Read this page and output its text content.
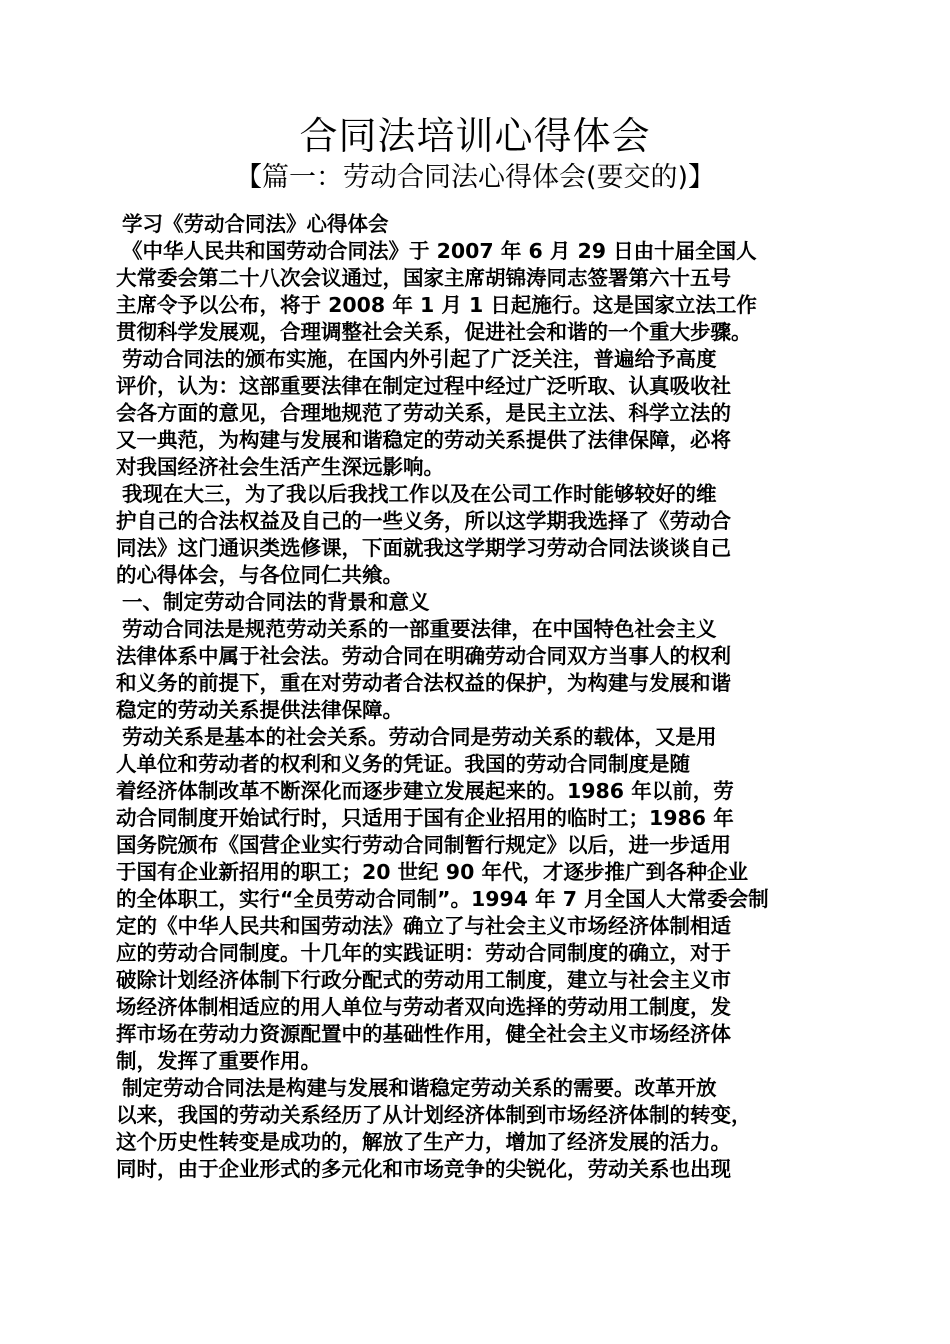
合同法培训心得体会
【篇一：劳动合同法心得体会(要交的)】
学习《劳动合同法》心得体会
《中华人民共和国劳动合同法》于 2007 年 6 月 29 日由十届全国人
大常委会第二十八次会议通过，国家主席胡锦涛同志签署第六十五号
主席令予以公布，将于 2008 年 1 月 1 日起施行。这是国家立法工作
贯彻科学发展观，合理调整社会关系，促进社会和谐的一个重大步骤。
劳动合同法的颁布实施，在国内外引起了广泛关注，普遍给予高度
评价，认为：这部重要法律在制定过程中经过广泛听取、认真吸收社
会各方面的意见，合理地规范了劳动关系，是民主立法、科学立法的
又一典范，为构建与发展和谐稳定的劳动关系提供了法律保障，必将
对我国经济社会生活产生深远影响。
我现在大三，为了我以后我找工作以及在公司工作时能够较好的维
护自己的合法权益及自己的一些义务，所以这学期我选择了《劳动合
同法》这门通识类选修课，下面就我这学期学习劳动合同法谈谈自己
的心得体会，与各位同仁共飨。
一、制定劳动合同法的背景和意义
劳动合同法是规范劳动关系的一部重要法律，在中国特色社会主义
法律体系中属于社会法。劳动合同在明确劳动合同双方当事人的权利
和义务的前提下，重在对劳动者合法权益的保护，为构建与发展和谐
稳定的劳动关系提供法律保障。
劳动关系是基本的社会关系。劳动合同是劳动关系的载体，又是用
人单位和劳动者的权利和义务的凭证。我国的劳动合同制度是随
着经济体制改革不断深化而逐步建立发展起来的。1986 年以前，劳
动合同制度开始试行时，只适用于国有企业招用的临时工；1986 年
国务院颁布《国营企业实行劳动合同制暂行规定》以后，进一步适用
于国有企业新招用的职工；20 世纪 90 年代，才逐步推广到各种企业
的全体职工，实行“全员劳动合同制”。1994 年 7 月全国人大常委会制
定的《中华人民共和国劳动法》确立了与社会主义市场经济体制相适
应的劳动合同制度。十几年的实践证明：劳动合同制度的确立，对于
破除计划经济体制下行政分配式的劳动用工制度，建立与社会主义市
场经济体制相适应的用人单位与劳动者双向选择的劳动用工制度，发
挥市场在劳动力资源配置中的基础性作用，健全社会主义市场经济体
制，发挥了重要作用。
制定劳动合同法是构建与发展和谐稳定劳动关系的需要。改革开放
以来，我国的劳动关系经历了从计划经济体制到市场经济体制的转变，
这个历史性转变是成功的，解放了生产力，增加了经济发展的活力。
同时，由于企业形式的多元化和市场竞争的尖锐化，劳动关系也出现
